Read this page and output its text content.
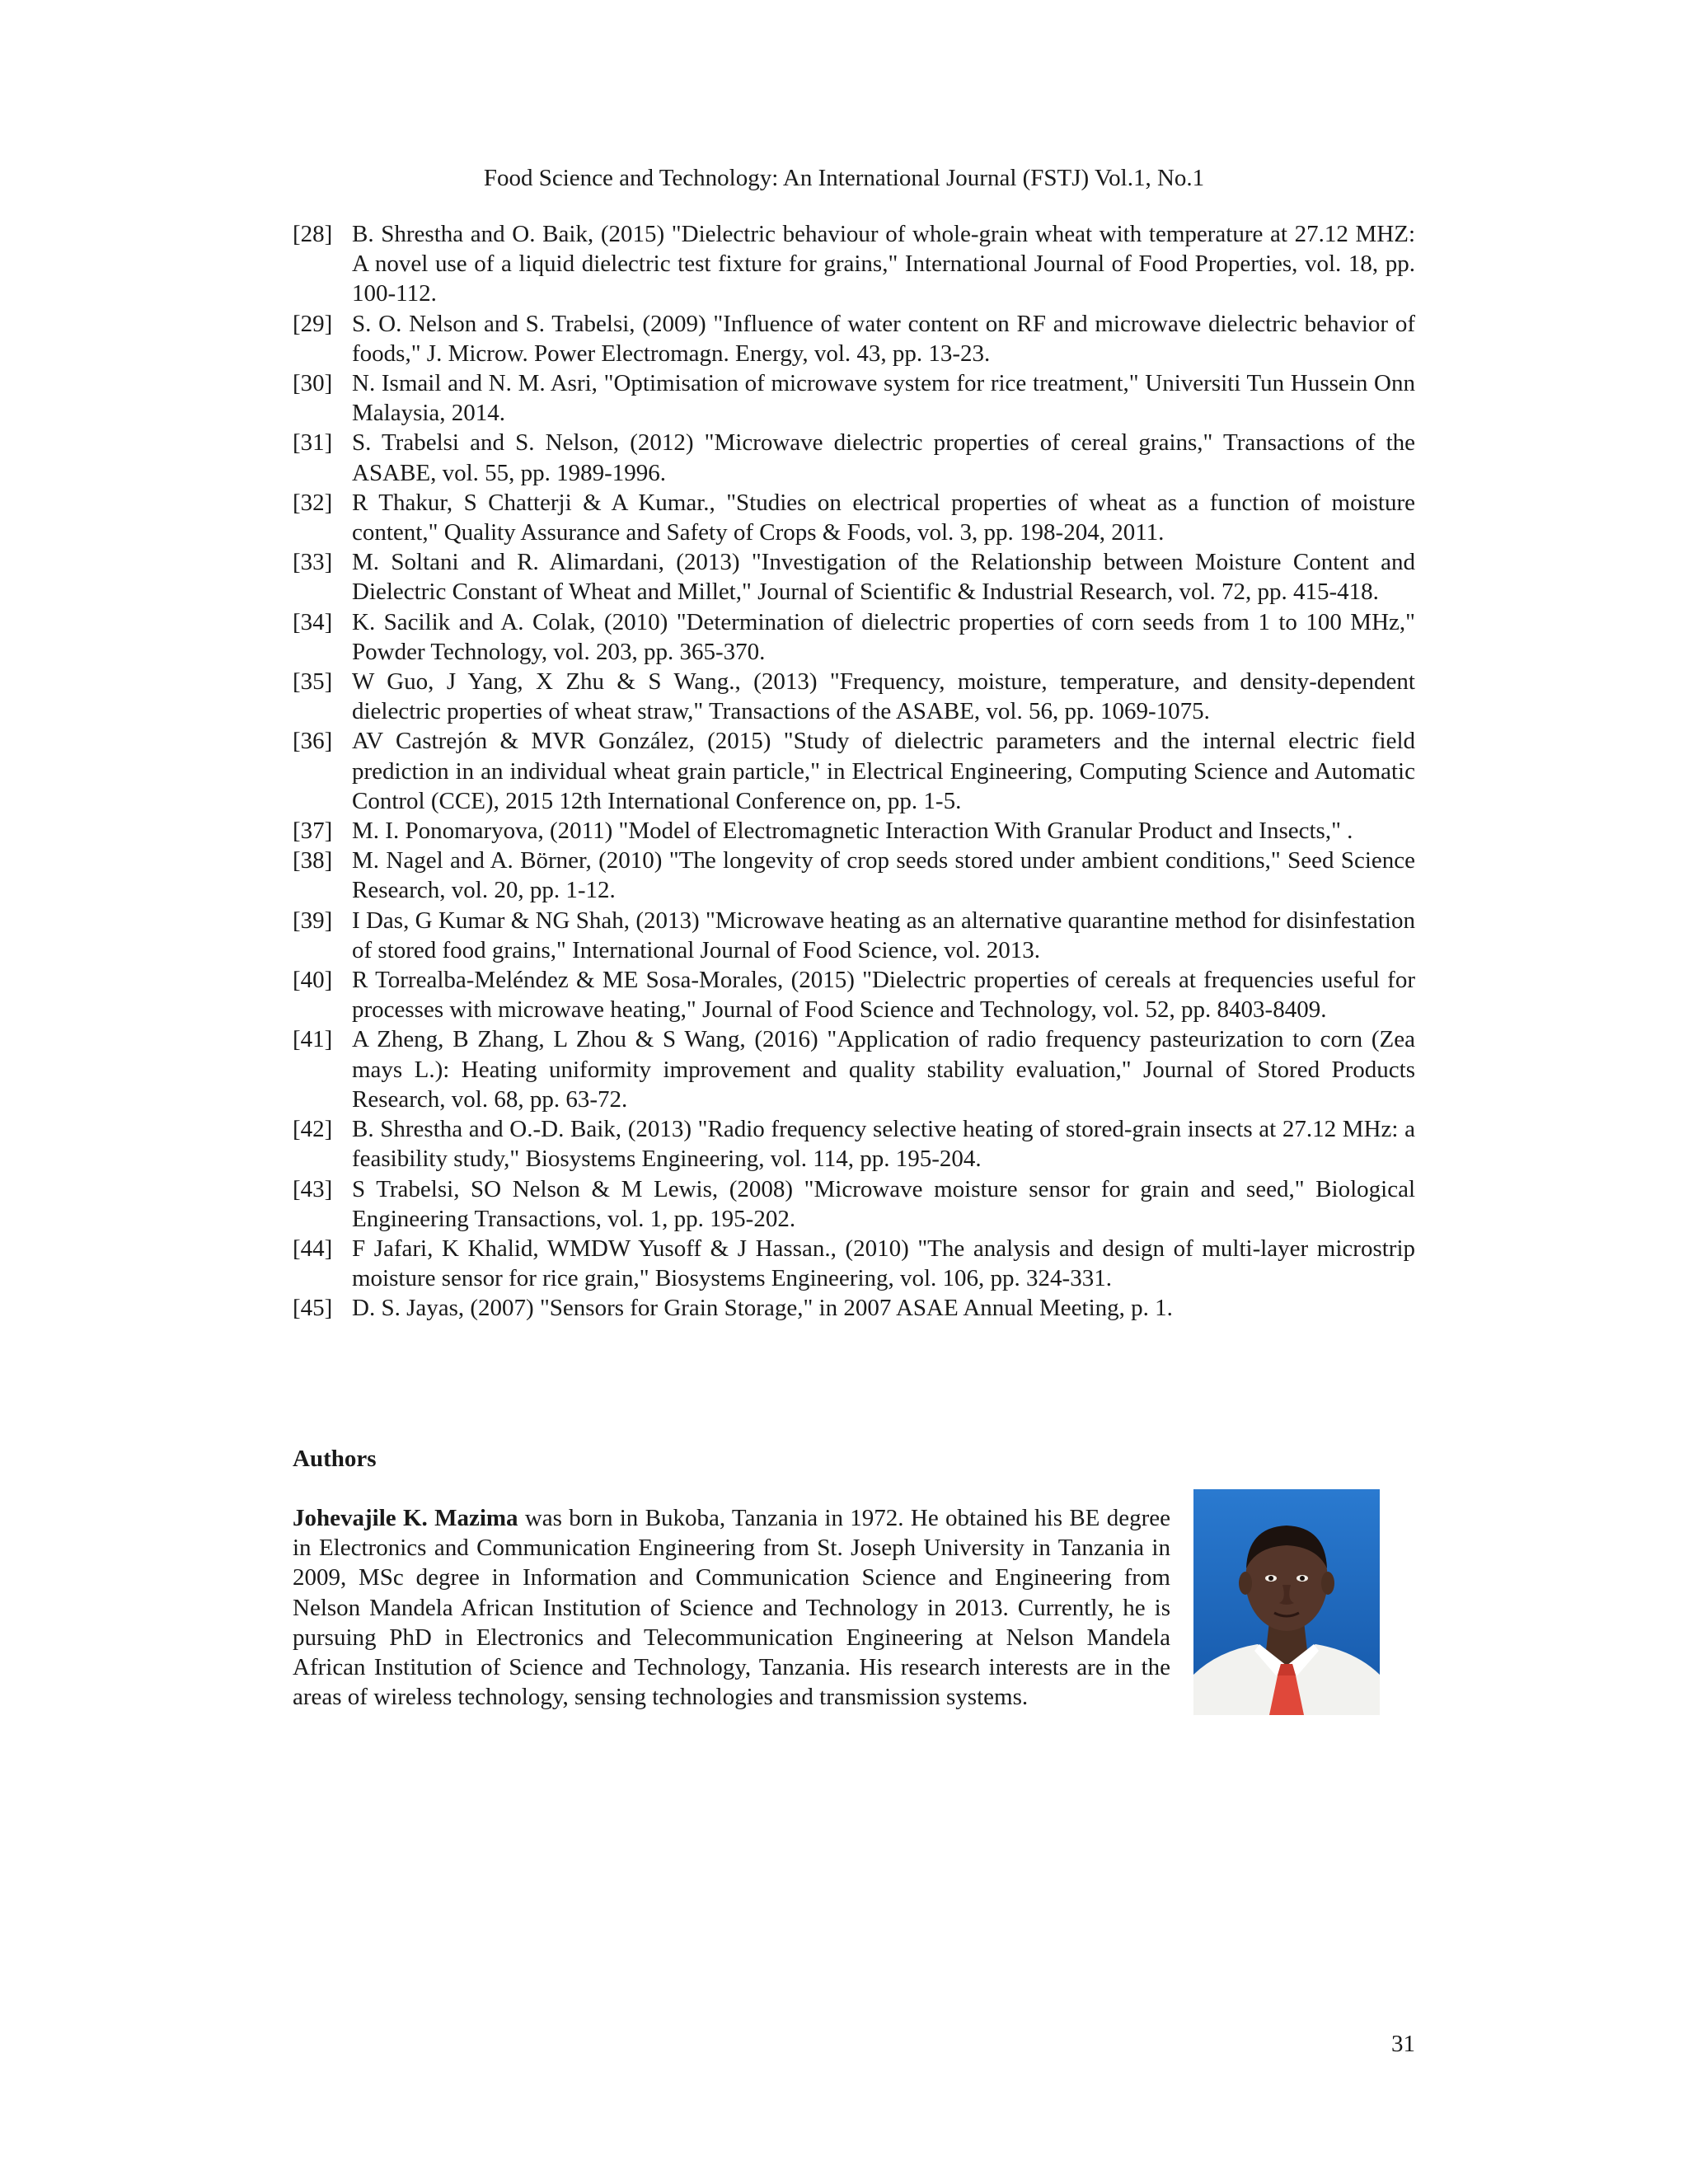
Food Science and Technology: An International Journal (FSTJ) Vol.1, No.1
[28] B. Shrestha and O. Baik, (2015) "Dielectric behaviour of whole-grain wheat with temperature at 27.12 MHZ: A novel use of a liquid dielectric test fixture for grains," International Journal of Food Properties, vol. 18, pp. 100-112.
[29] S. O. Nelson and S. Trabelsi, (2009) "Influence of water content on RF and microwave dielectric behavior of foods," J. Microw. Power Electromagn. Energy, vol. 43, pp. 13-23.
[30] N. Ismail and N. M. Asri, "Optimisation of microwave system for rice treatment," Universiti Tun Hussein Onn Malaysia, 2014.
[31] S. Trabelsi and S. Nelson, (2012) "Microwave dielectric properties of cereal grains," Transactions of the ASABE, vol. 55, pp. 1989-1996.
[32] R Thakur, S Chatterji & A Kumar., "Studies on electrical properties of wheat as a function of moisture content," Quality Assurance and Safety of Crops & Foods, vol. 3, pp. 198-204, 2011.
[33] M. Soltani and R. Alimardani, (2013) "Investigation of the Relationship between Moisture Content and Dielectric Constant of Wheat and Millet," Journal of Scientific & Industrial Research, vol. 72, pp. 415-418.
[34] K. Sacilik and A. Colak, (2010) "Determination of dielectric properties of corn seeds from 1 to 100 MHz," Powder Technology, vol. 203, pp. 365-370.
[35] W Guo, J Yang, X Zhu & S Wang., (2013) "Frequency, moisture, temperature, and density-dependent dielectric properties of wheat straw," Transactions of the ASABE, vol. 56, pp. 1069-1075.
[36] AV Castrejón & MVR González, (2015) "Study of dielectric parameters and the internal electric field prediction in an individual wheat grain particle," in Electrical Engineering, Computing Science and Automatic Control (CCE), 2015 12th International Conference on, pp. 1-5.
[37] M. I. Ponomaryova, (2011) "Model of Electromagnetic Interaction With Granular Product and Insects," .
[38] M. Nagel and A. Börner, (2010) "The longevity of crop seeds stored under ambient conditions," Seed Science Research, vol. 20, pp. 1-12.
[39] I Das, G Kumar & NG Shah, (2013) "Microwave heating as an alternative quarantine method for disinfestation of stored food grains," International Journal of Food Science, vol. 2013.
[40] R Torrealba-Meléndez & ME Sosa-Morales, (2015) "Dielectric properties of cereals at frequencies useful for processes with microwave heating," Journal of Food Science and Technology, vol. 52, pp. 8403-8409.
[41] A Zheng, B Zhang, L Zhou & S Wang, (2016) "Application of radio frequency pasteurization to corn (Zea mays L.): Heating uniformity improvement and quality stability evaluation," Journal of Stored Products Research, vol. 68, pp. 63-72.
[42] B. Shrestha and O.-D. Baik, (2013) "Radio frequency selective heating of stored-grain insects at 27.12 MHz: a feasibility study," Biosystems Engineering, vol. 114, pp. 195-204.
[43] S Trabelsi, SO Nelson & M Lewis, (2008) "Microwave moisture sensor for grain and seed," Biological Engineering Transactions, vol. 1, pp. 195-202.
[44] F Jafari, K Khalid, WMDW Yusoff & J Hassan., (2010) "The analysis and design of multi-layer microstrip moisture sensor for rice grain," Biosystems Engineering, vol. 106, pp. 324-331.
[45] D. S. Jayas, (2007) "Sensors for Grain Storage," in 2007 ASAE Annual Meeting, p. 1.
Authors
Johevajile K. Mazima was born in Bukoba, Tanzania in 1972. He obtained his BE degree in Electronics and Communication Engineering from St. Joseph University in Tanzania in 2009, MSc degree in Information and Communication Science and Engineering from Nelson Mandela African Institution of Science and Technology in 2013. Currently, he is pursuing PhD in Electronics and Telecommunication Engineering at Nelson Mandela African Institution of Science and Technology, Tanzania. His research interests are in the areas of wireless technology, sensing technologies and transmission systems.
31
